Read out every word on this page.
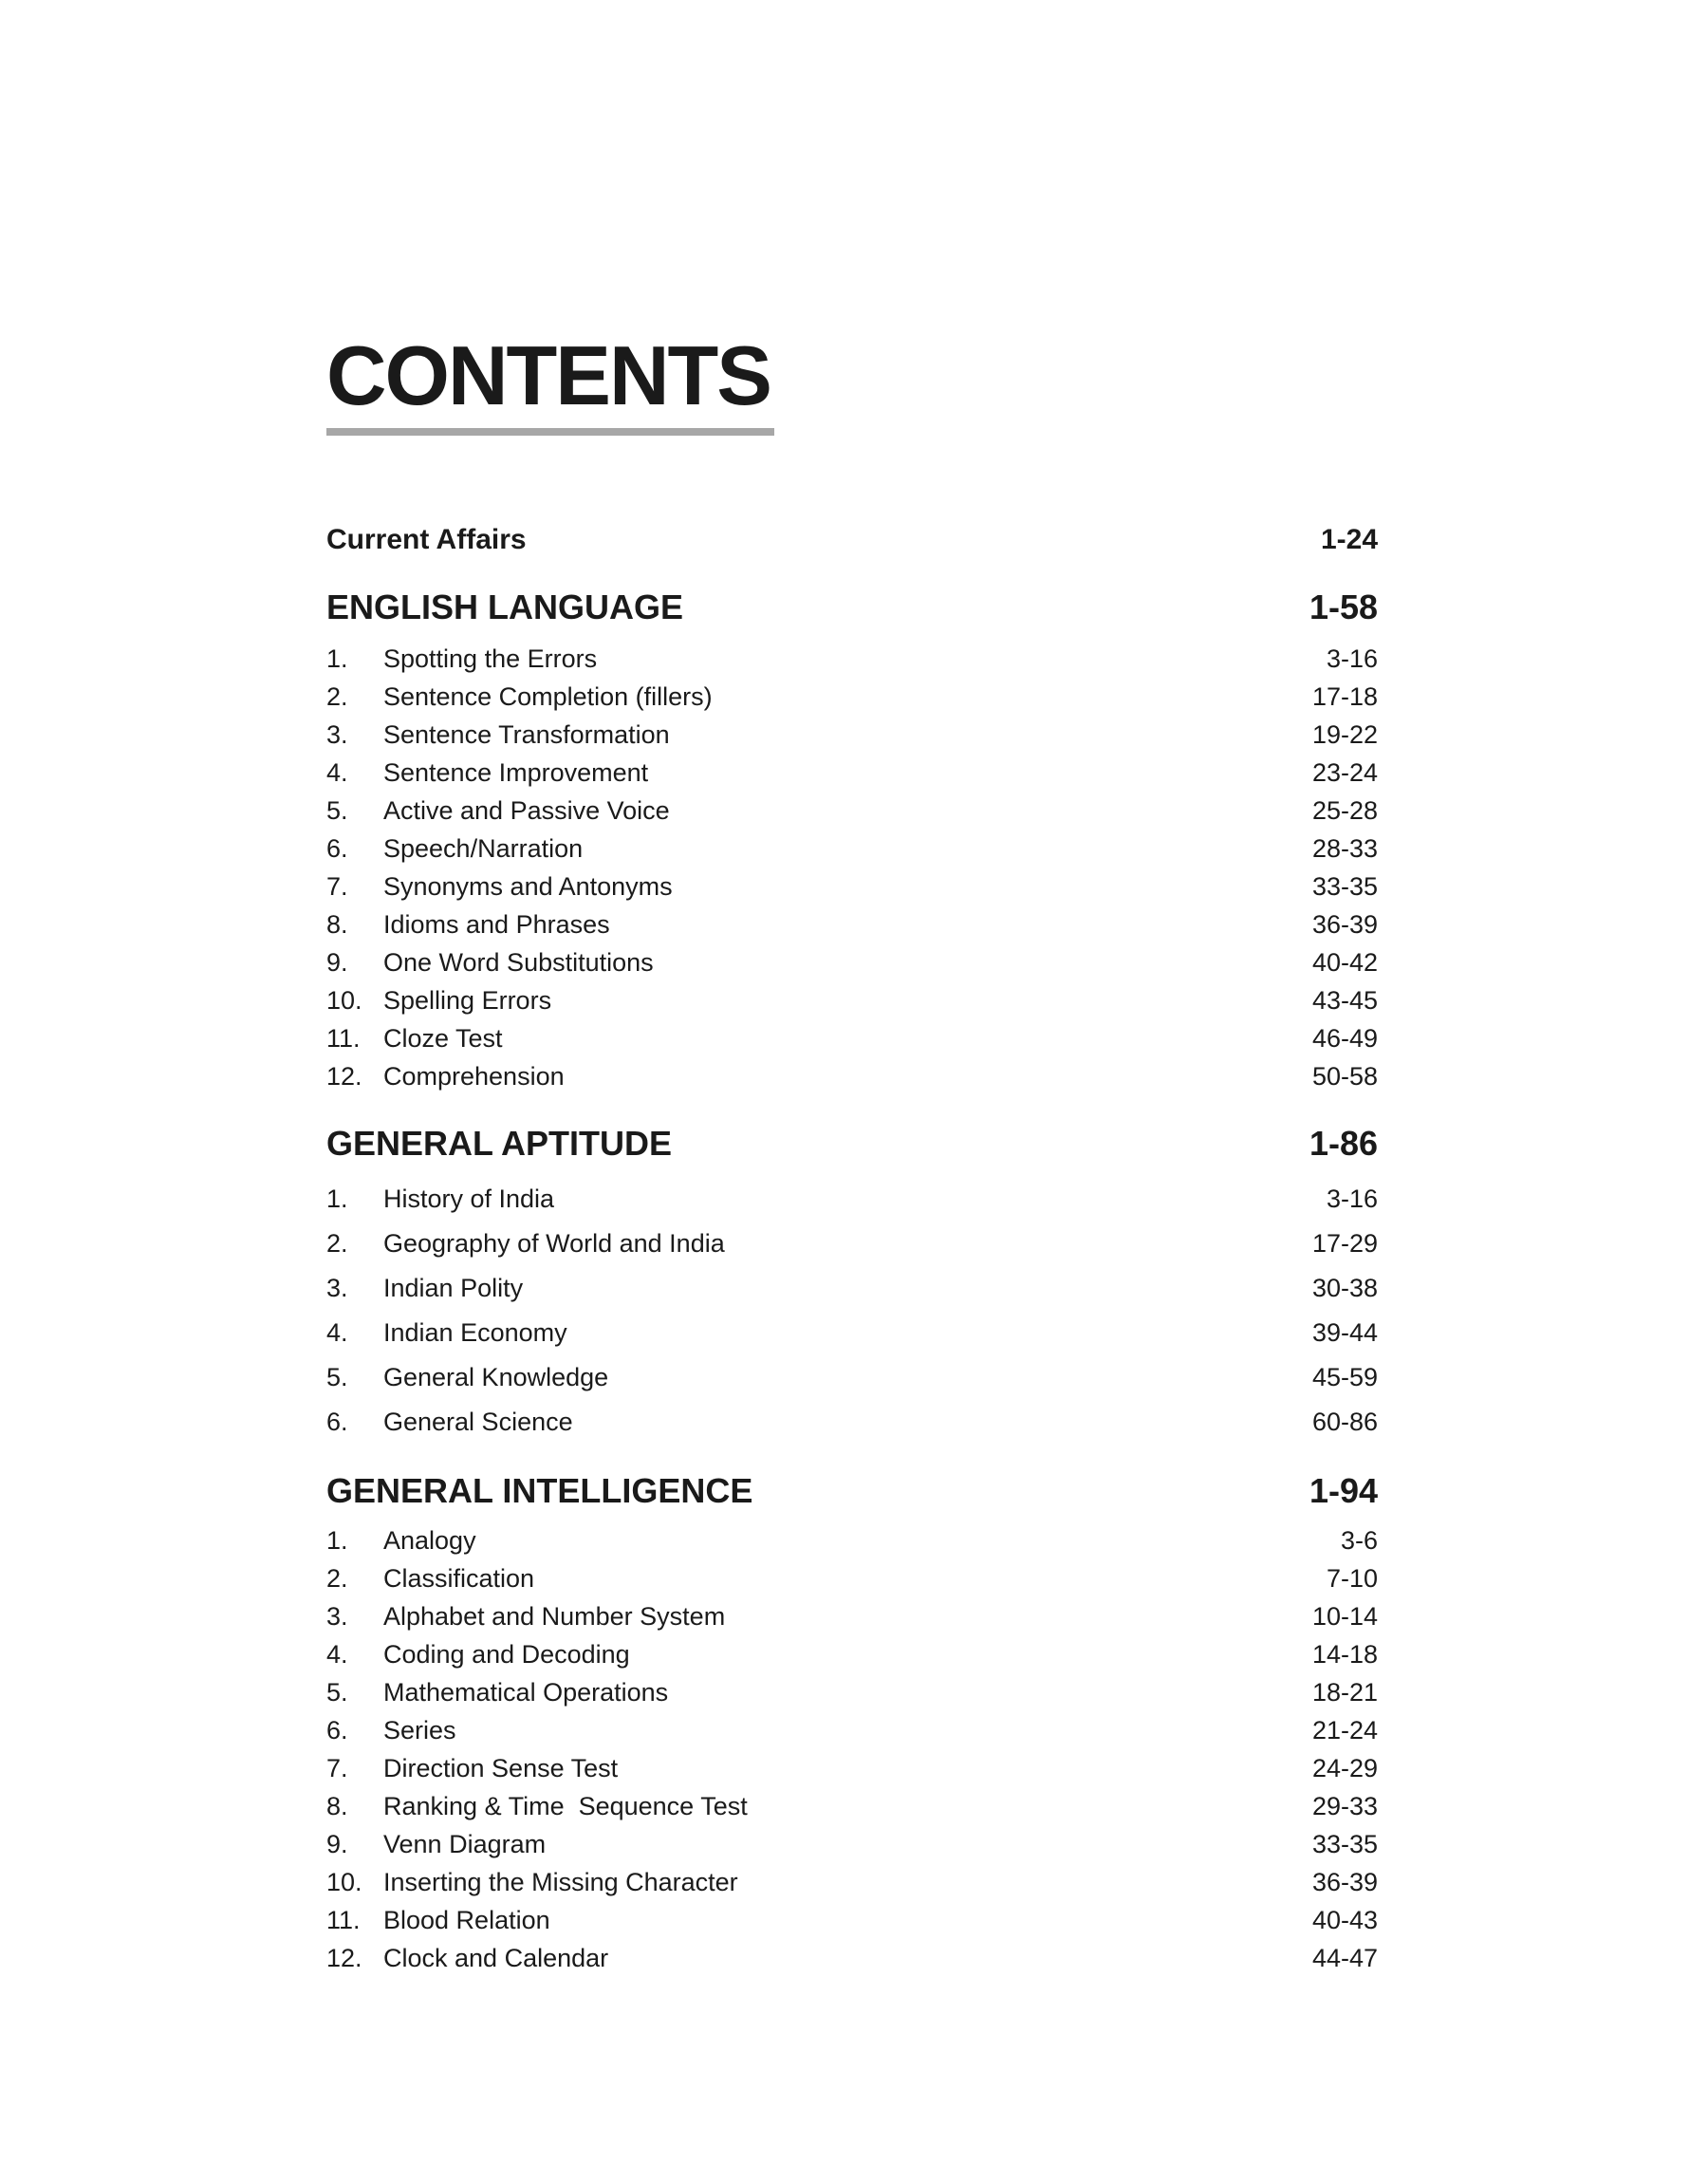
CONTENTS
Current Affairs	1-24
ENGLISH LANGUAGE	1-58
1.	Spotting the Errors	3-16
2.	Sentence Completion (fillers)	17-18
3.	Sentence Transformation	19-22
4.	Sentence Improvement	23-24
5.	Active and Passive Voice	25-28
6.	Speech/Narration	28-33
7.	Synonyms and Antonyms	33-35
8.	Idioms and Phrases	36-39
9.	One Word Substitutions	40-42
10. Spelling Errors	43-45
11. Cloze Test	46-49
12. Comprehension	50-58
GENERAL APTITUDE	1-86
1.	History of India	3-16
2.	Geography of World and India	17-29
3.	Indian Polity	30-38
4.	Indian Economy	39-44
5.	General Knowledge	45-59
6.	General Science	60-86
GENERAL INTELLIGENCE	1-94
1.	Analogy	3-6
2.	Classification	7-10
3.	Alphabet and Number System	10-14
4.	Coding and Decoding	14-18
5.	Mathematical Operations	18-21
6.	Series	21-24
7.	Direction Sense Test	24-29
8.	Ranking & Time  Sequence Test	29-33
9.	Venn Diagram	33-35
10. Inserting the Missing Character	36-39
11. Blood Relation	40-43
12. Clock and Calendar	44-47
